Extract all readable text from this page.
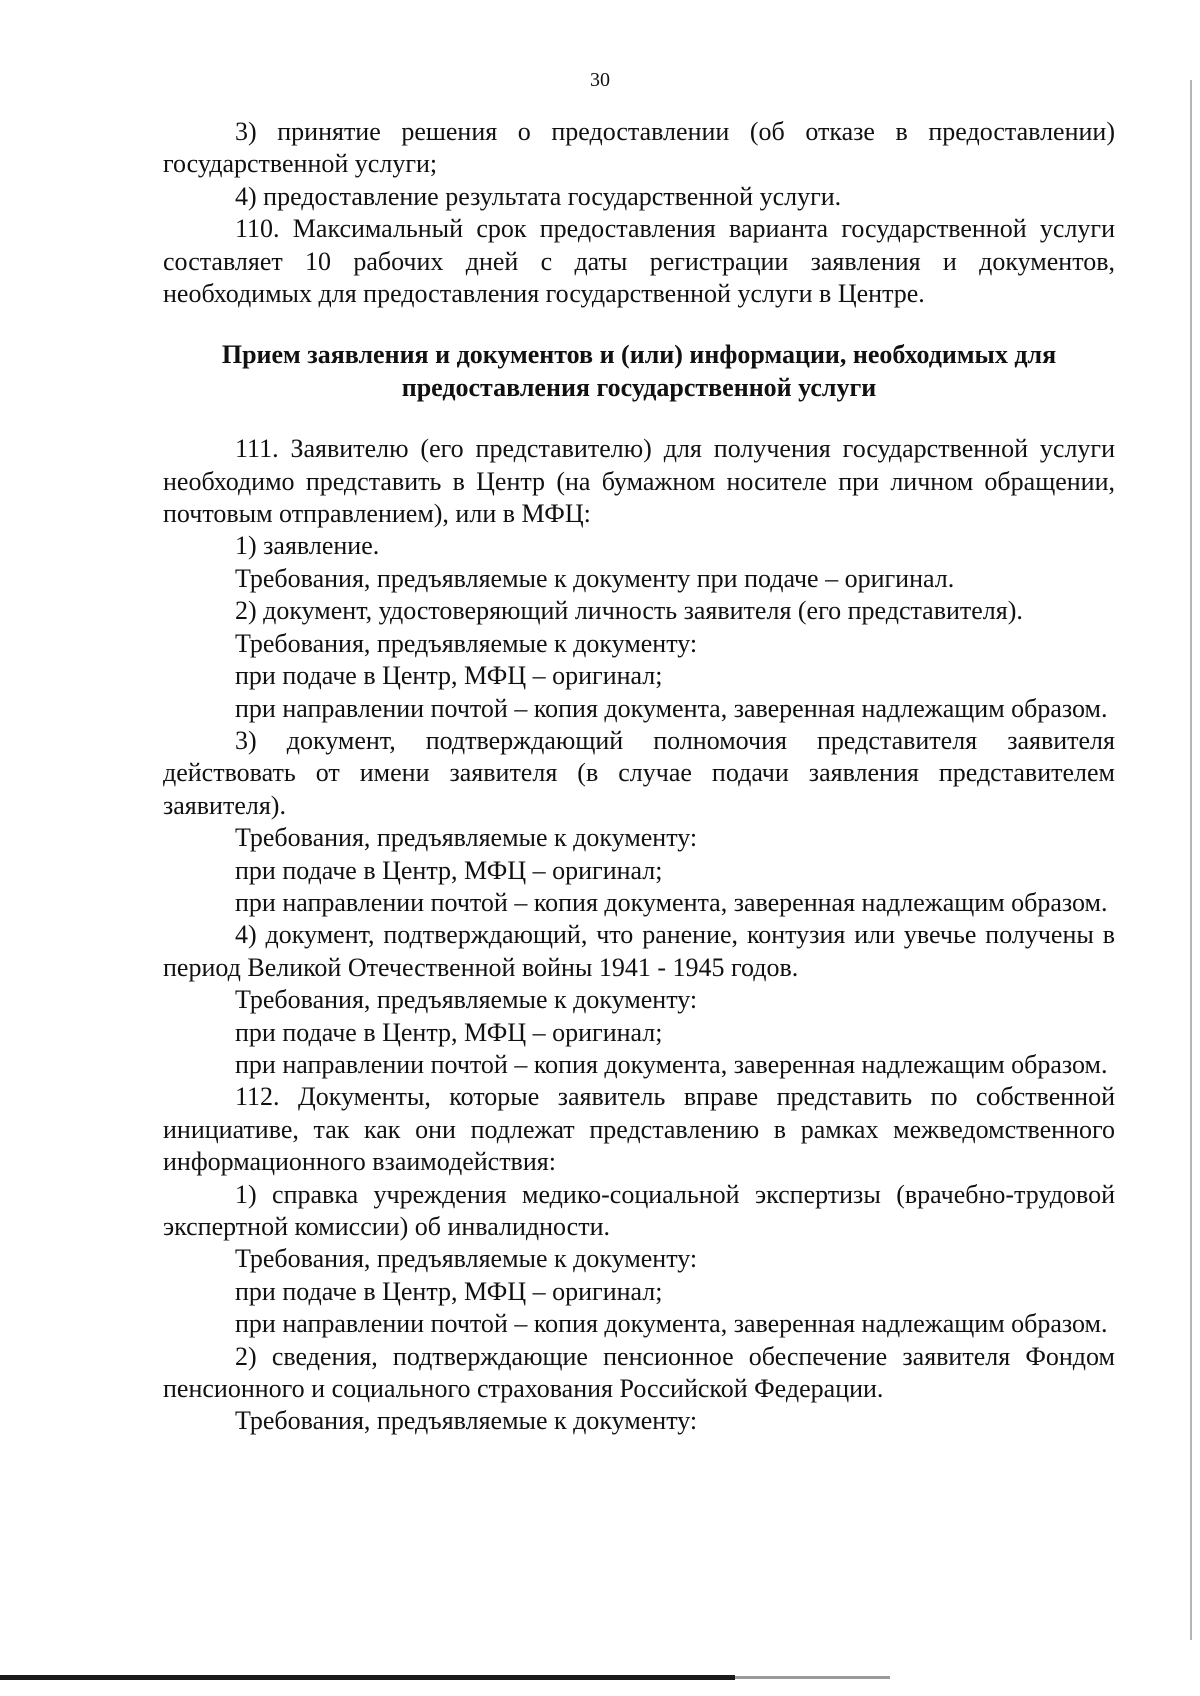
30

3) принятие решения о предоставлении (об отказе в предоставлении) государственной услуги;

4) предоставление результата государственной услуги.

110. Максимальный срок предоставления варианта государственной услуги составляет 10 рабочих дней с даты регистрации заявления и документов, необходимых для предоставления государственной услуги в Центре.

Прием заявления и документов и (или) информации, необходимых для
предоставления государственной услуги

111. Заявителю (его представителю) для получения государственной услуги необходимо представить в Центр (на бумажном носителе при личном обращении, почтовым отправлением), или в МФЦ:

1) заявление.

Требования, предъявляемые к документу при подаче – оригинал.

2) документ, удостоверяющий личность заявителя (его представителя).

Требования, предъявляемые к документу:

при подаче в Центр, МФЦ – оригинал;

при направлении почтой – копия документа, заверенная надлежащим образом.

3) документ, подтверждающий полномочия представителя заявителя действовать от имени заявителя (в случае подачи заявления представителем заявителя).

Требования, предъявляемые к документу:

при подаче в Центр, МФЦ – оригинал;

при направлении почтой – копия документа, заверенная надлежащим образом.

4) документ, подтверждающий, что ранение, контузия или увечье получены в период Великой Отечественной войны 1941 - 1945 годов.

Требования, предъявляемые к документу:

при подаче в Центр, МФЦ – оригинал;

при направлении почтой – копия документа, заверенная надлежащим образом.

112. Документы, которые заявитель вправе представить по собственной инициативе, так как они подлежат представлению в рамках межведомственного информационного взаимодействия:

1) справка учреждения медико-социальной экспертизы (врачебно-трудовой экспертной комиссии) об инвалидности.

Требования, предъявляемые к документу:

при подаче в Центр, МФЦ – оригинал;

при направлении почтой – копия документа, заверенная надлежащим образом.

2) сведения, подтверждающие пенсионное обеспечение заявителя Фондом пенсионного и социального страхования Российской Федерации.

Требования, предъявляемые к документу:
